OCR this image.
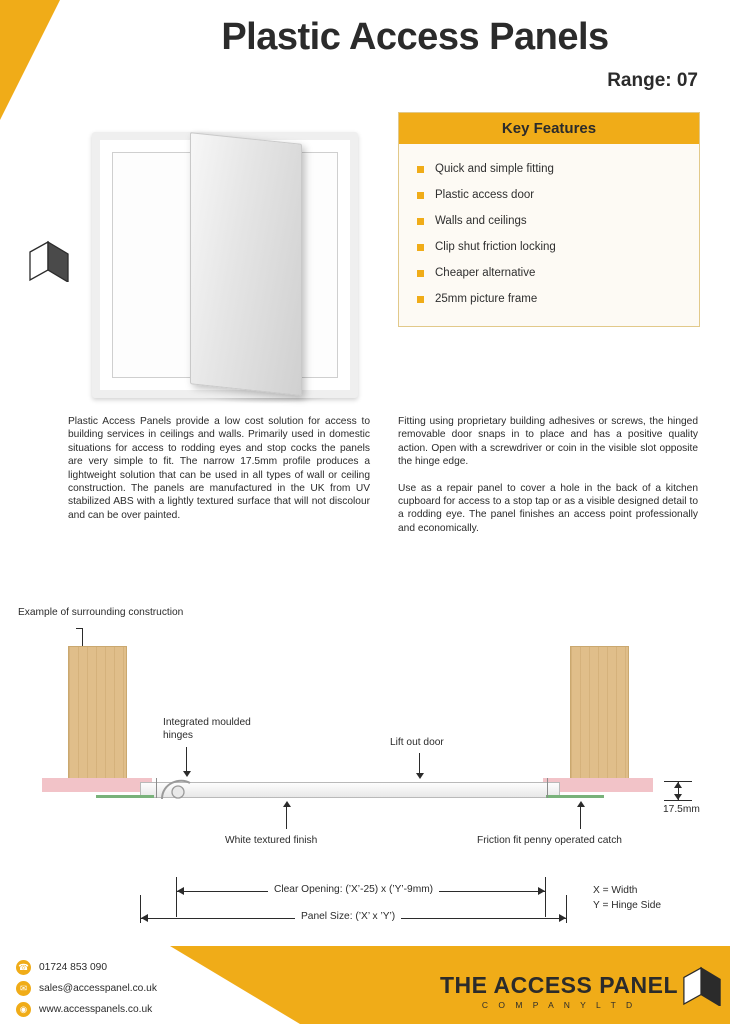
Plastic Access Panels
Range: 07
Key Features
Quick and simple fitting
Plastic access door
Walls and ceilings
Clip shut friction locking
Cheaper alternative
25mm picture frame

Plastic Access Panels provide a low cost solution for access to building services in ceilings and walls. Primarily used in domestic situations for access to rodding eyes and stop cocks the panels are very simple to fit. The narrow 17.5mm profile produces a lightweight solution that can be used in all types of wall or ceiling construction. The panels are manufactured in the UK from UV stabilized ABS with a lightly textured surface that will not discolour and can be over painted.

Fitting using proprietary building adhesives or screws, the hinged removable door snaps in to place and has a positive quality action. Open with a screwdriver or coin in the visible slot opposite the hinge edge.

Use as a repair panel to cover a hole in the back of a kitchen cupboard for access to a stop tap or as a visible designed detail to a rodding eye. The panel finishes an access point professionally and economically.

Example of surrounding construction
17.5mm
Integrated moulded hinges
Lift out door
White textured finish	Friction fit penny operated catch
Clear Opening: (’X’-25) x (’Y’-9mm)
Panel Size: (’X’ x ’Y’)
X = Width
Y = Hinge Side
☎ 01724 853 090
✉	sales@accesspanel.co.uk
◉	www.accesspanels.co.uk
THE ACCESS PANEL
C O M P A N Y L T D
